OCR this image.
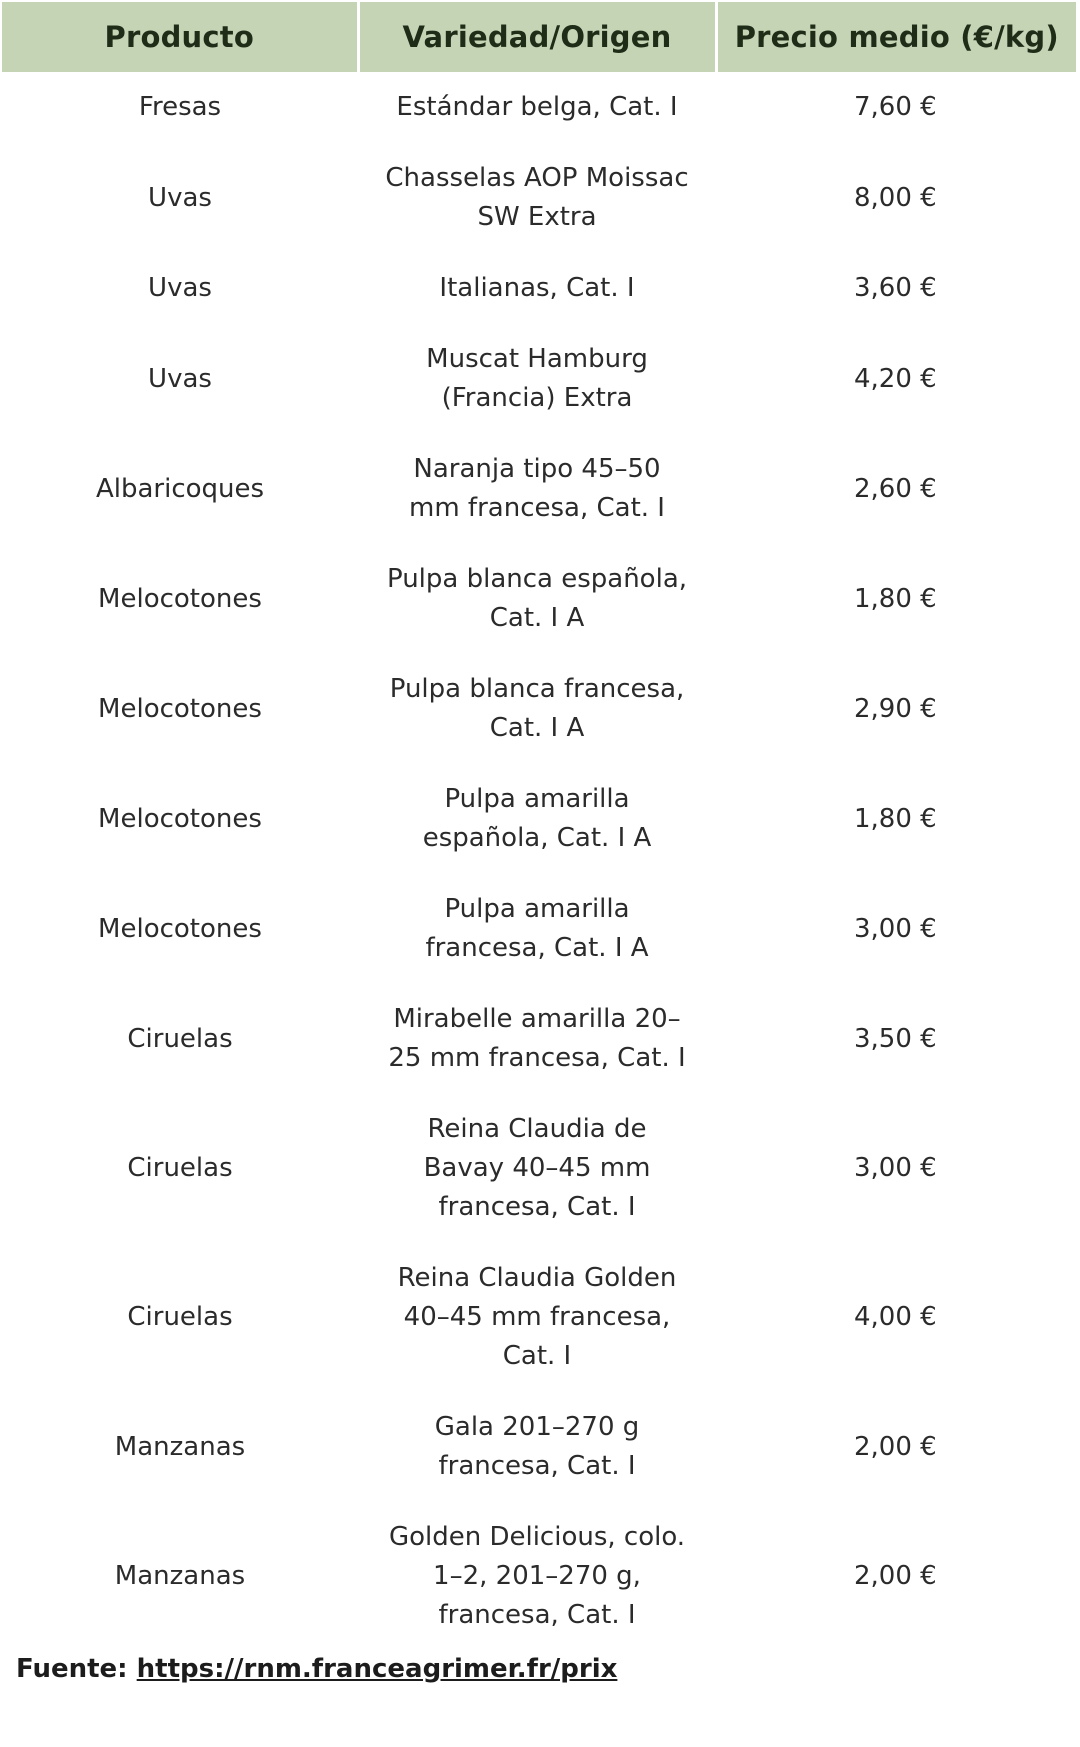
Producto	Variedad/Origen	Precio medio (€/kg)
Fresas	Estándar belga, Cat. I	7,60 €
Uvas	Chasselas AOP Moissac SW Extra	8,00 €
Uvas	Italianas, Cat. I	3,60 €
Uvas	Muscat Hamburg (Francia) Extra	4,20 €
Albaricoques	Naranja tipo 45–50 mm francesa, Cat. I	2,60 €
Melocotones	Pulpa blanca española, Cat. I A	1,80 €
Melocotones	Pulpa blanca francesa, Cat. I A	2,90 €
Melocotones	Pulpa amarilla española, Cat. I A	1,80 €
Melocotones	Pulpa amarilla francesa, Cat. I A	3,00 €
Ciruelas	Mirabelle amarilla 20–25 mm francesa, Cat. I	3,50 €
Ciruelas	Reina Claudia de Bavay 40–45 mm francesa, Cat. I	3,00 €
Ciruelas	Reina Claudia Golden 40–45 mm francesa, Cat. I	4,00 €
Manzanas	Gala 201–270 g francesa, Cat. I	2,00 €
Manzanas	Golden Delicious, colo. 1–2, 201–270 g, francesa, Cat. I	2,00 €
Fuente: https://rnm.franceagrimer.fr/prix
